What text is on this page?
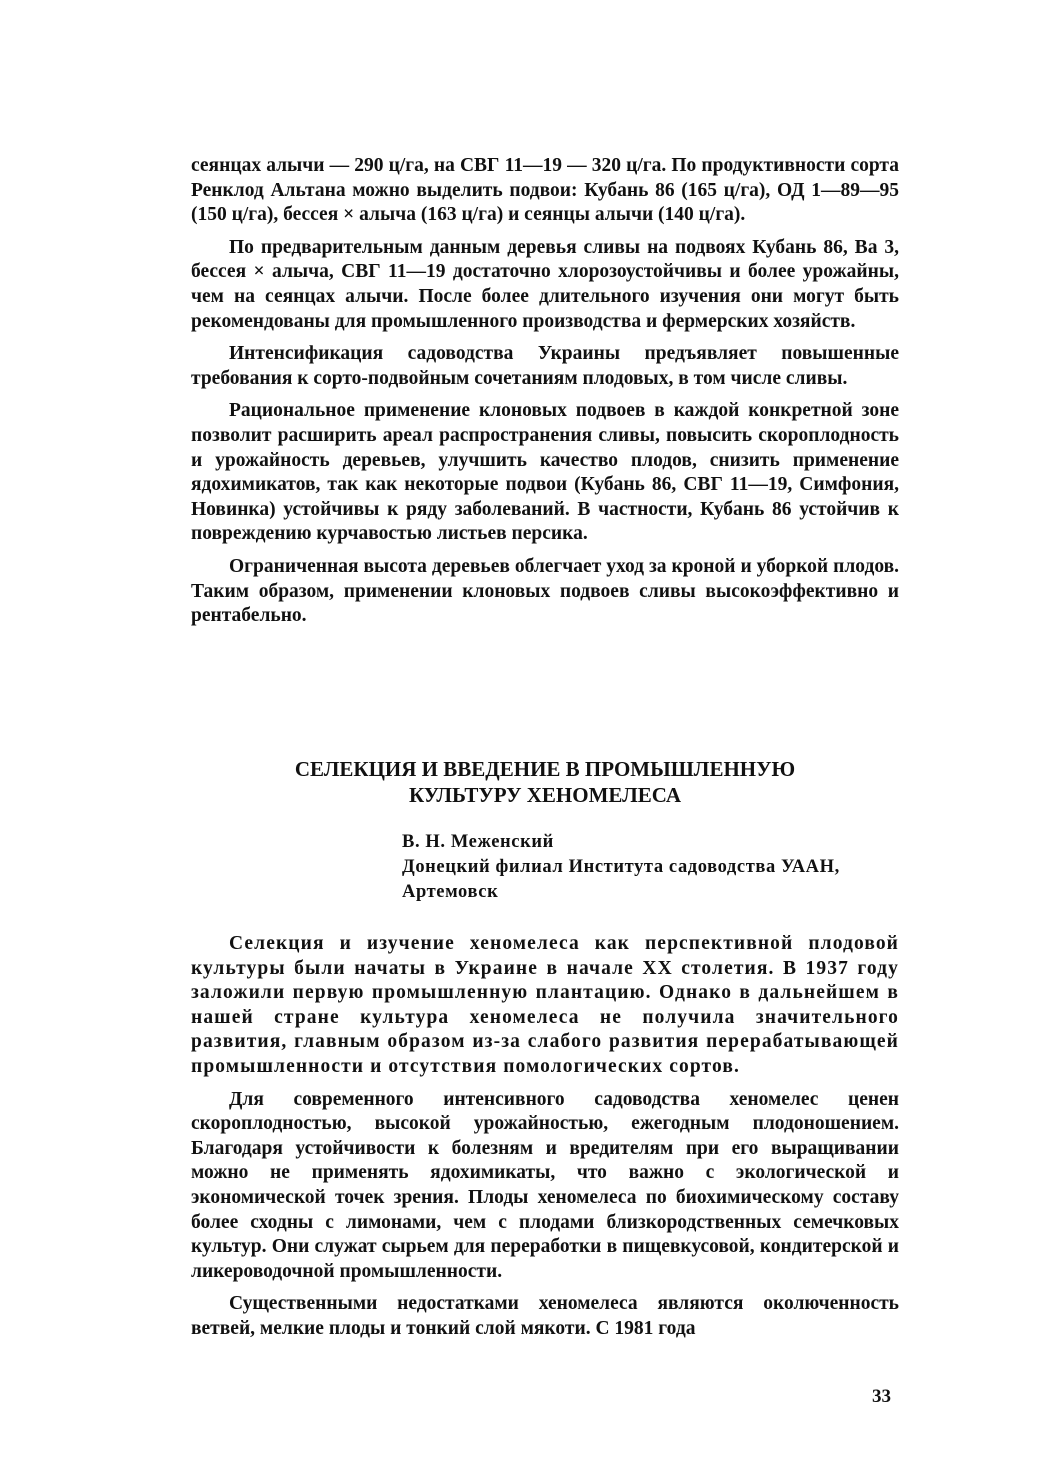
сеянцах алычи — 290 ц/га, на СВГ 11—19 — 320 ц/га. По продуктивности сорта Ренклод Альтана можно выделить подвои: Кубань 86 (165 ц/га), ОД 1—89—95 (150 ц/га), бессея × алыча (163 ц/га) и сеянцы алычи (140 ц/га).

По предварительным данным деревья сливы на подвоях Кубань 86, Ва 3, бессея × алыча, СВГ 11—19 достаточно хлорозоустойчивы и более урожайны, чем на сеянцах алычи. После более длительного изучения они могут быть рекомендованы для промышленного производства и фермерских хозяйств.

Интенсификация садоводства Украины предъявляет повышенные требования к сорто-подвойным сочетаниям плодовых, в том числе сливы.

Рациональное применение клоновых подвоев в каждой конкретной зоне позволит расширить ареал распространения сливы, повысить скороплодность и урожайность деревьев, улучшить качество плодов, снизить применение ядохимикатов, так как некоторые подвои (Кубань 86, СВГ 11—19, Симфония, Новинка) устойчивы к ряду заболеваний. В частности, Кубань 86 устойчив к повреждению курчавостью листьев персика.

Ограниченная высота деревьев облегчает уход за кроной и уборкой плодов. Таким образом, применении клоновых подвоев сливы высокоэффективно и рентабельно.

СЕЛЕКЦИЯ И ВВЕДЕНИЕ В ПРОМЫШЛЕННУЮ
КУЛЬТУРУ ХЕНОМЕЛЕСА
В. Н. Меженский
Донецкий филиал Института садоводства УААН,
Артемовск

Селекция и изучение хеномелеса как перспективной плодовой культуры были начаты в Украине в начале XX столетия. В 1937 году заложили первую промышленную плантацию. Однако в дальнейшем в нашей стране культура хеномелеса не получила значительного развития, главным образом из-за слабого развития перерабатывающей промышленности и отсутствия помологических сортов.

Для современного интенсивного садоводства хеномелес ценен скороплодностью, высокой урожайностью, ежегодным плодоношением. Благодаря устойчивости к болезням и вредителям при его выращивании можно не применять ядохимикаты, что важно с экологической и экономической точек зрения. Плоды хеномелеса по биохимическому составу более сходны с лимонами, чем с плодами близкородственных семечковых культур. Они служат сырьем для переработки в пищевкусовой, кондитерской и ликероводочной промышленности.

Существенными недостатками хеномелеса являются околюченность ветвей, мелкие плоды и тонкий слой мякоти. С 1981 года

33
